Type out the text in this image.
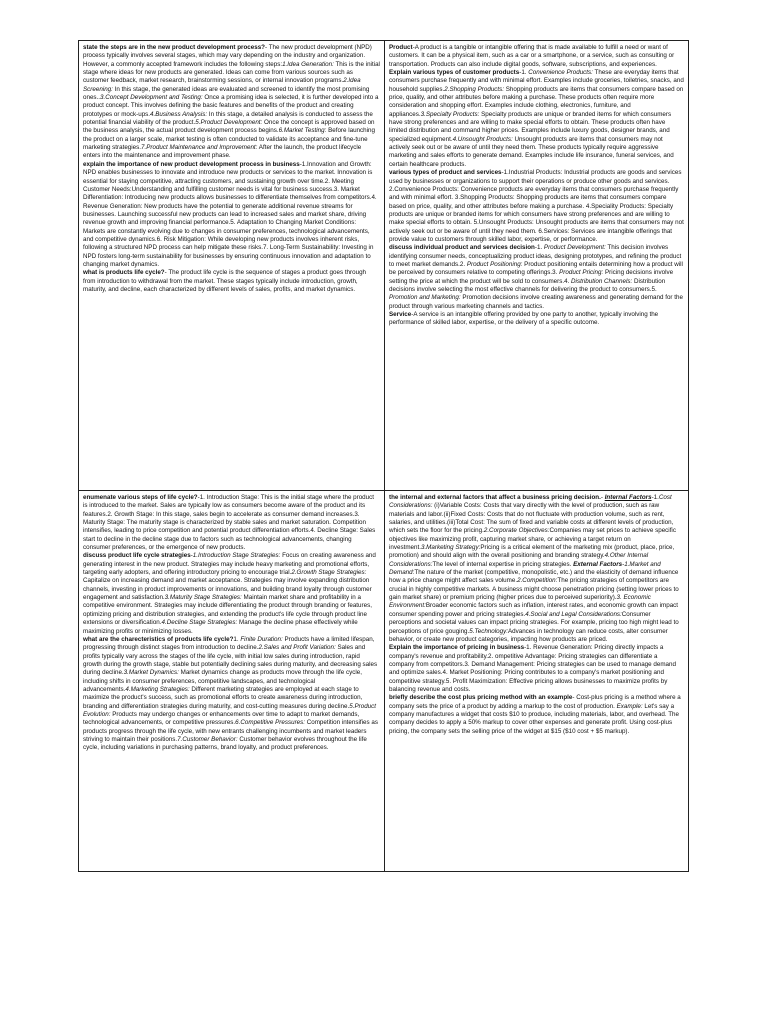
state the steps are in the new product development process?- The new product development (NPD) process typically involves several stages, which may vary depending on the industry and organization. However, a commonly accepted framework includes the following steps:1.Idea Generation: This is the initial stage where ideas for new products are generated. Ideas can come from various sources such as customer feedback, market research, brainstorming sessions, or internal innovation programs.2.Idea Screening: In this stage, the generated ideas are evaluated and screened to identify the most promising ones..3.Concept Development and Testing: Once a promising idea is selected, it is further developed into a product concept. This involves defining the basic features and benefits of the product and creating prototypes or mock-ups.4.Business Analysis: In this stage, a detailed analysis is conducted to assess the potential financial viability of the product.5.Product Development: Once the concept is approved based on the business analysis, the actual product development process begins.6.Market Testing: Before launching the product on a larger scale, market testing is often conducted to validate its acceptance and fine-tune marketing strategies.7.Product Maintenance and Improvement: After the launch, the product lifecycle enters into the maintenance and improvement phase.

explain the importance of new product development process in business-1.Innovation and Growth: NPD enables businesses to innovate and introduce new products or services to the market. Innovation is essential for staying competitive, attracting customers, and sustaining growth over time.2. Meeting Customer Needs:Understanding and fulfilling customer needs is vital for business success.3. Market Differentiation: Introducing new products allows businesses to differentiate themselves from competitors.4. Revenue Generation: New products have the potential to generate additional revenue streams for businesses. Launching successful new products can lead to increased sales and market share, driving revenue growth and improving financial performance.5. Adaptation to Changing Market Conditions: Markets are constantly evolving due to changes in consumer preferences, technological advancements, and competitive dynamics.6. Risk Mitigation: While developing new products involves inherent risks, following a structured NPD process can help mitigate these risks.7. Long-Term Sustainability: Investing in NPD fosters long-term sustainability for businesses by ensuring continuous innovation and adaptation to changing market dynamics.

what is products life cycle?- The product life cycle is the sequence of stages a product goes through from introduction to withdrawal from the market. These stages typically include introduction, growth, maturity, and decline, each characterized by different levels of sales, profits, and market dynamics.

Product-A product is a tangible or intangible offering that is made available to fulfill a need or want of customers. It can be a physical item, such as a car or a smartphone, or a service, such as consulting or transportation. Products can also include digital goods, software, subscriptions, and experiences.

Explain various types of customer products-1. Convenience Products: These are everyday items that consumers purchase frequently and with minimal effort. Examples include groceries, toiletries, snacks, and household supplies.2.Shopping Products: Shopping products are items that consumers compare based on price, quality, and other attributes before making a purchase. These products often require more consideration and shopping effort. Examples include clothing, electronics, furniture, and appliances.3.Specialty Products: Specialty products are unique or branded items for which consumers have strong preferences and are willing to make special efforts to obtain. These products often have limited distribution and command higher prices. Examples include luxury goods, designer brands, and specialized equipment.4.Unsought Products: Unsought products are items that consumers may not actively seek out or be aware of until they need them. These products typically require aggressive marketing and sales efforts to generate demand. Examples include life insurance, funeral services, and certain healthcare products.

various types of product and services-1.Industrial Products: Industrial products are goods and services used by businesses or organizations to support their operations or produce other goods and services. 2.Convenience Products: Convenience products are everyday items that consumers purchase frequently and with minimal effort. 3.Shopping Products: Shopping products are items that consumers compare based on price, quality, and other attributes before making a purchase. 4.Speciality Products: Specialty products are unique or branded items for which consumers have strong preferences and are willing to make special efforts to obtain. 5.Unsought Products: Unsought products are items that consumers may not actively seek out or be aware of until they need them. 6.Services: Services are intangible offerings that provide value to customers through skilled labor, expertise, or performance.

discuss individual product and services decision-1. Product Development: This decision involves identifying consumer needs, conceptualizing product ideas, designing prototypes, and refining the product to meet market demands.2. Product Positioning: Product positioning entails determining how a product will be perceived by consumers relative to competing offerings.3. Product Pricing: Pricing decisions involve setting the price at which the product will be sold to consumers.4. Distribution Channels: Distribution decisions involve selecting the most effective channels for delivering the product to consumers.5. Promotion and Marketing: Promotion decisions involve creating awareness and generating demand for the product through various marketing channels and tactics.

Service-A service is an intangible offering provided by one party to another, typically involving the performance of skilled labor, expertise, or the delivery of a specific outcome.

enumenate various steps of life cycle?-1. Introduction Stage: This is the initial stage where the product is introduced to the market. Sales are typically low as consumers become aware of the product and its features.2. Growth Stage: In this stage, sales begin to accelerate as consumer demand increases.3. Maturity Stage: The maturity stage is characterized by stable sales and market saturation. Competition intensifies, leading to price competition and potential product differentiation efforts.4. Decline Stage: Sales start to decline in the decline stage due to factors such as technological advancements, changing consumer preferences, or the emergence of new products.

discuss product life cycle strategies-1.Introduction Stage Strategies: Focus on creating awareness and generating interest in the new product. Strategies may include heavy marketing and promotional efforts, targeting early adopters, and offering introductory pricing to encourage trial.2.Growth Stage Strategies: Capitalize on increasing demand and market acceptance. Strategies may involve expanding distribution channels, investing in product improvements or innovations, and building brand loyalty through customer engagement and satisfaction.3.Maturity Stage Strategies: Maintain market share and profitability in a competitive environment. Strategies may include differentiating the product through branding or features, optimizing pricing and distribution strategies, and extending the product's life cycle through product line extensions or diversification.4.Decline Stage Strategies: Manage the decline phase effectively while maximizing profits or minimizing losses.

what are the charecteristics of products life cycle?1. Finite Duration: Products have a limited lifespan, progressing through distinct stages from introduction to decline.2.Sales and Profit Variation: Sales and profits typically vary across the stages of the life cycle, with initial low sales during introduction, rapid growth during the growth stage, stable but potentially declining sales during maturity, and decreasing sales during decline.3.Market Dynamics: Market dynamics change as products move through the life cycle, including shifts in consumer preferences, competitive landscapes, and technological advancements.4.Marketing Strategies: Different marketing strategies are employed at each stage to maximize the product's success, such as promotional efforts to create awareness during introduction, branding and differentiation strategies during maturity, and cost-cutting measures during decline.5.Product Evolution: Products may undergo changes or enhancements over time to adapt to market demands, technological advancements, or competitive pressures.6.Competitive Pressures: Competition intensifies as products progress through the life cycle, with new entrants challenging incumbents and market leaders striving to maintain their positions.7.Customer Behavior: Customer behavior evolves throughout the life cycle, including variations in purchasing patterns, brand loyalty, and product preferences.

the internal and external factors that affect a business pricing decision.- Internal Factors-1.Cost Considerations: (i)Variable Costs: Costs that vary directly with the level of production, such as raw materials and labor.(ii)Fixed Costs: Costs that do not fluctuate with production volume, such as rent, salaries, and utilities.(iii)Total Cost: The sum of fixed and variable costs at different levels of production, which sets the floor for the pricing.2.Corporate Objectives:Companies may set prices to achieve specific objectives like maximizing profit, capturing market share, or achieving a target return on investment.3.Marketing Strategy:Pricing is a critical element of the marketing mix (product, place, price, promotion) and should align with the overall positioning and branding strategy.4.Other Internal Considerations:The level of internal expertise in pricing strategies. External Factors-1.Market and Demand:The nature of the market (competitive, monopolistic, etc.) and the elasticity of demand influence how a price change might affect sales volume.2.Competition:The pricing strategies of competitors are crucial in highly competitive markets. A business might choose penetration pricing (setting lower prices to gain market share) or premium pricing (higher prices due to perceived superiority).3. Economic Environment:Broader economic factors such as inflation, interest rates, and economic growth can impact consumer spending power and pricing strategies.4.Social and Legal Considerations:Consumer perceptions and societal values can impact pricing strategies. For example, pricing too high might lead to perceptions of price gouging.5.Technology:Advances in technology can reduce costs, alter consumer behavior, or create new product categories, impacting how products are priced.

Explain the importance of pricing in business-1. Revenue Generation: Pricing directly impacts a company's revenue and profitability.2. ompetitive Advantage: Pricing strategies can differentiate a company from competitors.3. Demand Management: Pricing strategies can be used to manage demand and optimize sales.4. Market Positioning: Pricing contributes to a company's market positioning and competitive strategy.5. Profit Maximization: Effective pricing allows businesses to maximize profits by balancing revenue and costs.

briefly describe the cost plus pricing method with an example- Cost-plus pricing is a method where a company sets the price of a product by adding a markup to the cost of production. Example: Let's say a company manufactures a widget that costs $10 to produce, including materials, labor, and overhead. The company decides to apply a 50% markup to cover other expenses and generate profit. Using cost-plus pricing, the company sets the selling price of the widget at $15 ($10 cost + $5 markup).
